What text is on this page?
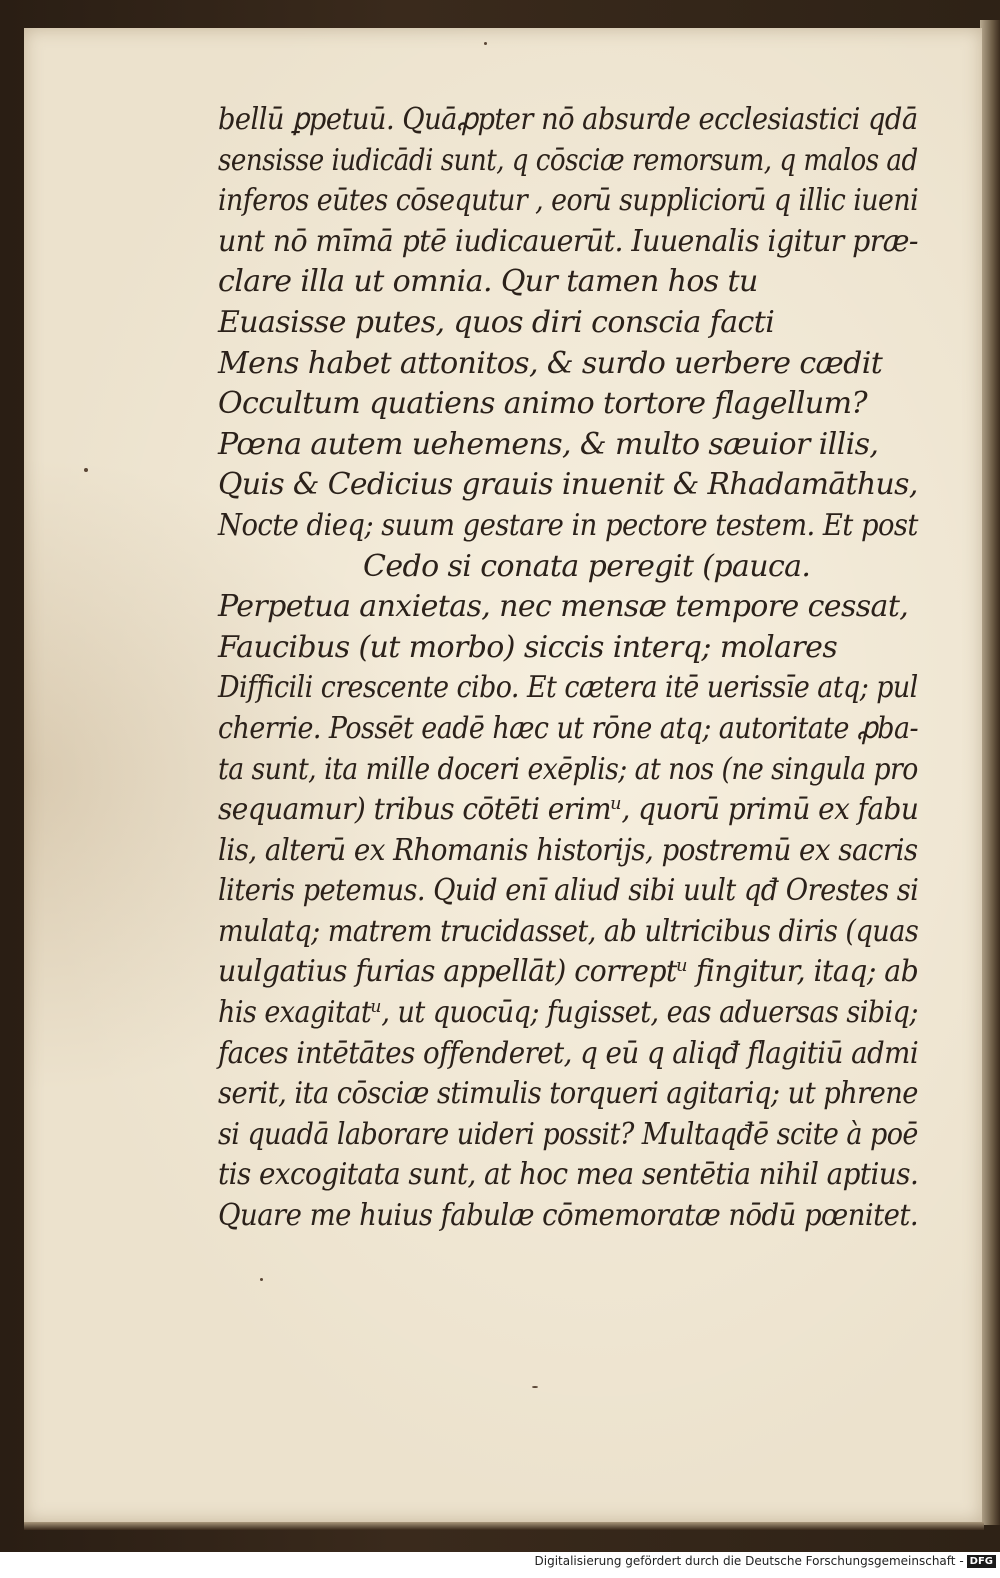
bellū ꝑpetuū. Quāꝓpter nō absurde ecclesiastici qdā
sensisse iudicādi sunt, q cōsciæ remorsum, q malos ad
inferos eūtes cōsequtur , eorū suppliciorū q illic iueni
unt nō mīmā ptē iudicauerūt. Iuuenalis igitur præ-
clare illa ut omnia. Qur tamen hos tu
Euasisse putes, quos diri conscia facti
Mens habet attonitos, & surdo uerbere cædit
Occultum quatiens animo tortore flagellum?
Pœna autem uehemens, & multo sæuior illis,
Quis & Cedicius grauis inuenit & Rhadamāthus,
Nocte dieq; suum gestare in pectore testem. Et post
Cedo si conata peregit (pauca.
Perpetua anxietas, nec mensæ tempore cessat,
Faucibus (ut morbo) siccis interq; molares
Difficili crescente cibo. Et cætera itē uerissīe atq; pul
cherrie. Possēt eadē hæc ut rōne atq; autoritate ꝓba-
ta sunt, ita mille doceri exēplis; at nos (ne singula pro
sequamur) tribus cōtēti erimᵘ, quorū primū ex fabu
lis, alterū ex Rhomanis historijs, postremū ex sacris
literis petemus. Quid enī aliud sibi uult qđ Orestes si
mulatq; matrem trucidasset, ab ultricibus diris (quas
uulgatius furias appellāt) correptᵘ fingitur, itaq; ab
his exagitatᵘ, ut quocūq; fugisset, eas aduersas sibiq;
faces intētātes offenderet, q eū q aliqđ flagitiū admi
serit, ita cōsciæ stimulis torqueri agitariq; ut phrene
si quadā laborare uideri possit? Multaqđē scite à poē
tis excogitata sunt, at hoc mea sentētia nihil aptius.
Quare me huius fabulæ cōmemoratæ nōdū pœnitet.
Digitalisierung gefördert durch die Deutsche Forschungsgemeinschaft - DFG
